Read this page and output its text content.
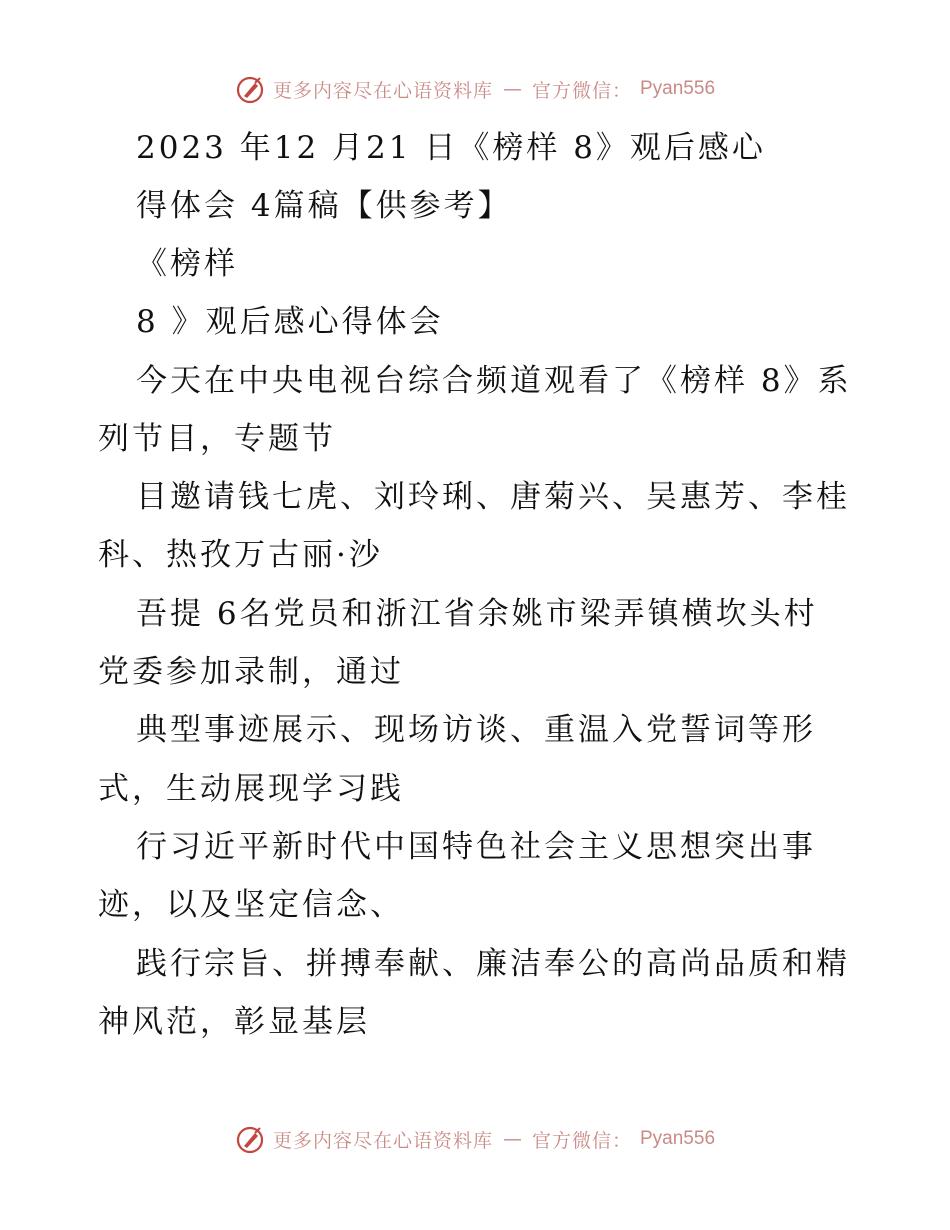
更多内容尽在心语资料库 — 官方微信： Pyan556
2023 年12 月21 日《榜样 8》观后感心
得体会 4篇稿【供参考】
《榜样
8 》观后感心得体会
今天在中央电视台综合频道观看了《榜样 8》系
列节目，专题节
目邀请钱七虎、刘玲琍、唐菊兴、吴惠芳、李桂
科、热孜万古丽·沙
吾提 6名党员和浙江省余姚市梁弄镇横坎头村
党委参加录制，通过
典型事迹展示、现场访谈、重温入党誓词等形
式，生动展现学习践
行习近平新时代中国特色社会主义思想突出事
迹，以及坚定信念、
践行宗旨、拼搏奉献、廉洁奉公的高尚品质和精
神风范，彰显基层
更多内容尽在心语资料库 — 官方微信： Pyan556
